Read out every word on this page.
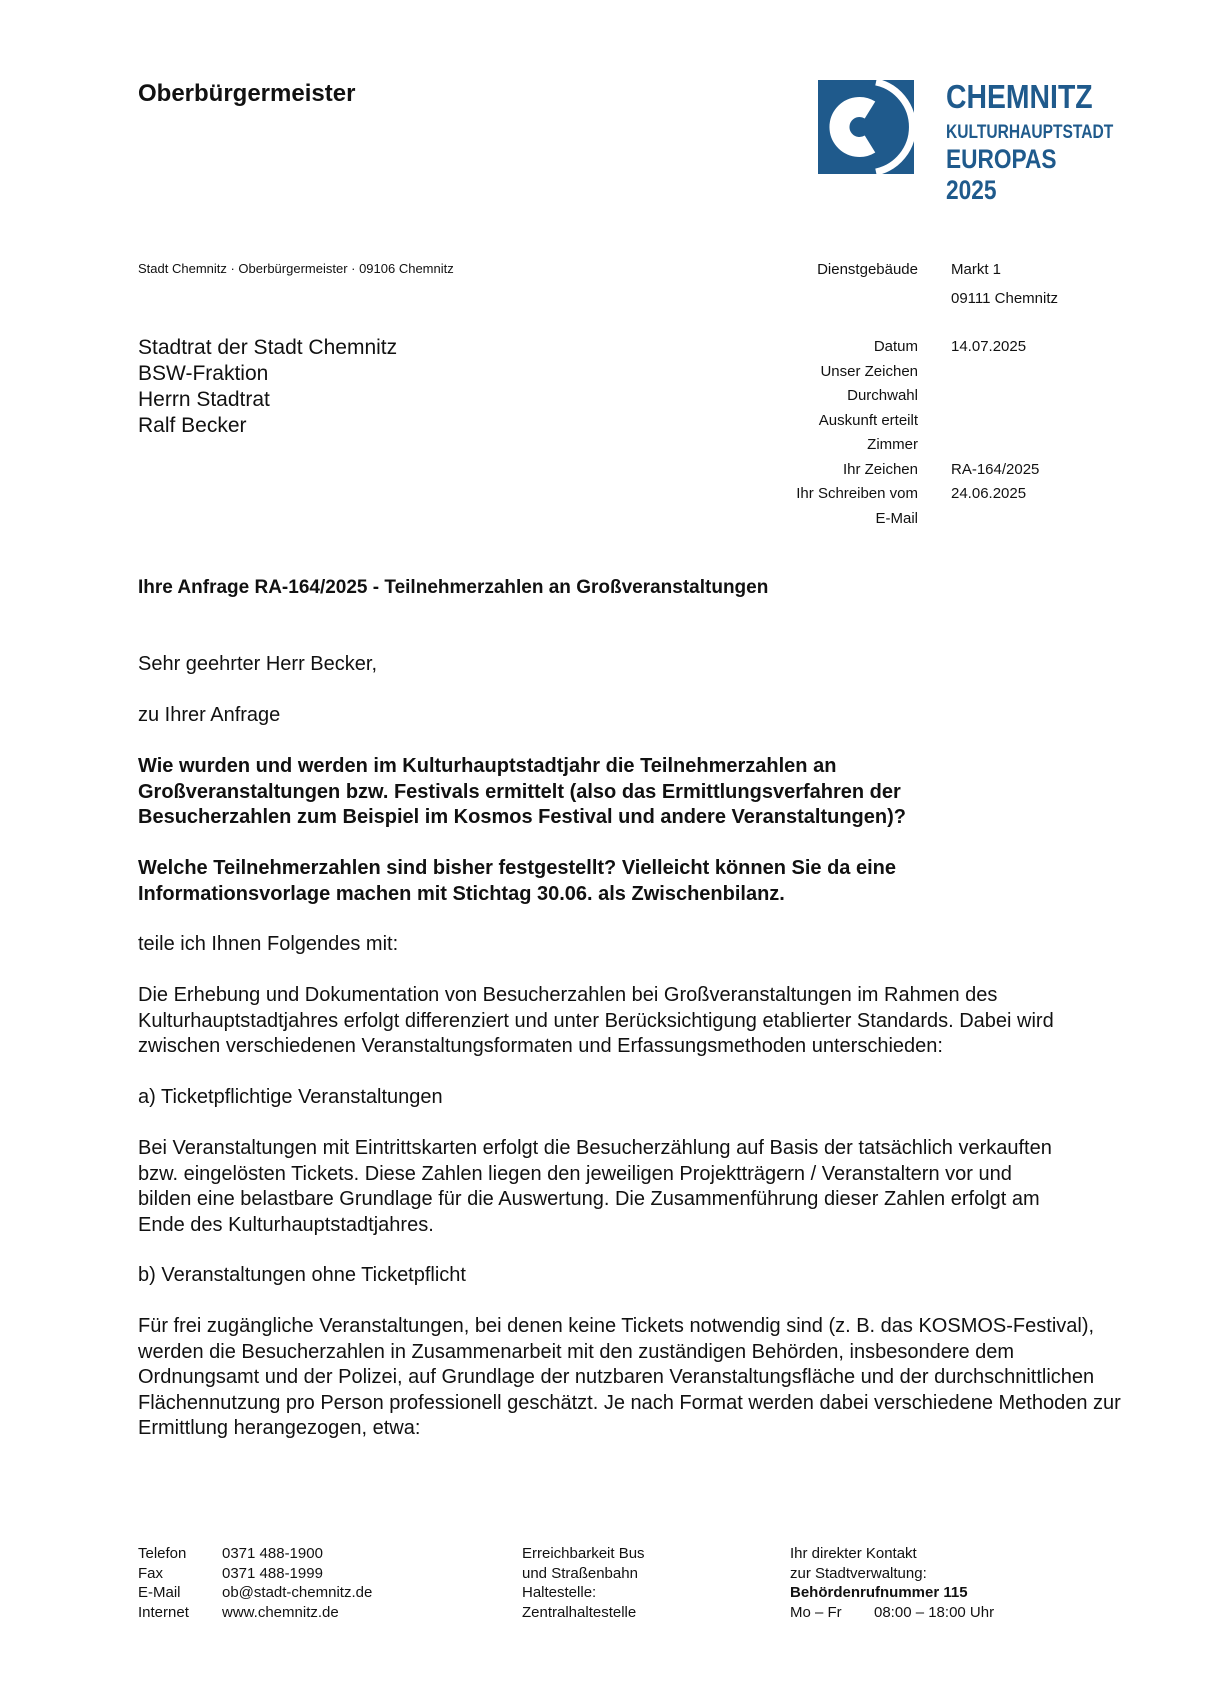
Oberbürgermeister	CHEMNITZ
KULTURHAUPTSTADT
EUROPAS 2025
Stadt Chemnitz · Oberbürgermeister · 09106 Chemnitz	Dienstgebäude Markt 1
09111 Chemnitz
Datum 14.07.2025
Unser Zeichen
Durchwahl
Auskunft erteilt
Zimmer
Ihr Zeichen RA-164/2025
Ihr Schreiben vom 24.06.2025
E-Mail
Stadtrat der Stadt Chemnitz
BSW-Fraktion
Herrn Stadtrat
Ralf Becker
Ihre Anfrage RA-164/2025 - Teilnehmerzahlen an Großveranstaltungen

Sehr geehrter Herr Becker,

zu Ihrer Anfrage

Wie wurden und werden im Kulturhauptstadtjahr die Teilnehmerzahlen an Großveranstaltungen bzw. Festivals ermittelt (also das Ermittlungsverfahren der Besucherzahlen zum Beispiel im Kosmos Festival und andere Veranstaltungen)?

Welche Teilnehmerzahlen sind bisher festgestellt? Vielleicht können Sie da eine Informationsvorlage machen mit Stichtag 30.06. als Zwischenbilanz.

teile ich Ihnen Folgendes mit:

Die Erhebung und Dokumentation von Besucherzahlen bei Großveranstaltungen im Rahmen des Kulturhauptstadtjahres erfolgt differenziert und unter Berücksichtigung etablierter Standards. Dabei wird zwischen verschiedenen Veranstaltungsformaten und Erfassungsmethoden unterschieden:

a) Ticketpflichtige Veranstaltungen

Bei Veranstaltungen mit Eintrittskarten erfolgt die Besucherzählung auf Basis der tatsächlich verkauften bzw. eingelösten Tickets. Diese Zahlen liegen den jeweiligen Projektträgern / Veranstaltern vor und bilden eine belastbare Grundlage für die Auswertung. Die Zusammenführung dieser Zahlen erfolgt am Ende des Kulturhauptstadtjahres.

b) Veranstaltungen ohne Ticketpflicht

Für frei zugängliche Veranstaltungen, bei denen keine Tickets notwendig sind (z. B. das KOSMOS-Festival), werden die Besucherzahlen in Zusammenarbeit mit den zuständigen Behörden, insbesondere dem Ordnungsamt und der Polizei, auf Grundlage der nutzbaren Veranstaltungsfläche und der durchschnittlichen Flächennutzung pro Person professionell geschätzt. Je nach Format werden dabei verschiedene Methoden zur Ermittlung herangezogen, etwa:

Telefon	0371 488-1900
Fax	0371 488-1999
E-Mail	ob@stadt-chemnitz.de
Internet	www.chemnitz.de
Erreichbarkeit Bus
und Straßenbahn
Haltestelle:
Zentralhaltestelle
Ihr direkter Kontakt
zur Stadtverwaltung:
Behördenrufnummer 115
Mo – Fr	08:00 – 18:00 Uhr
